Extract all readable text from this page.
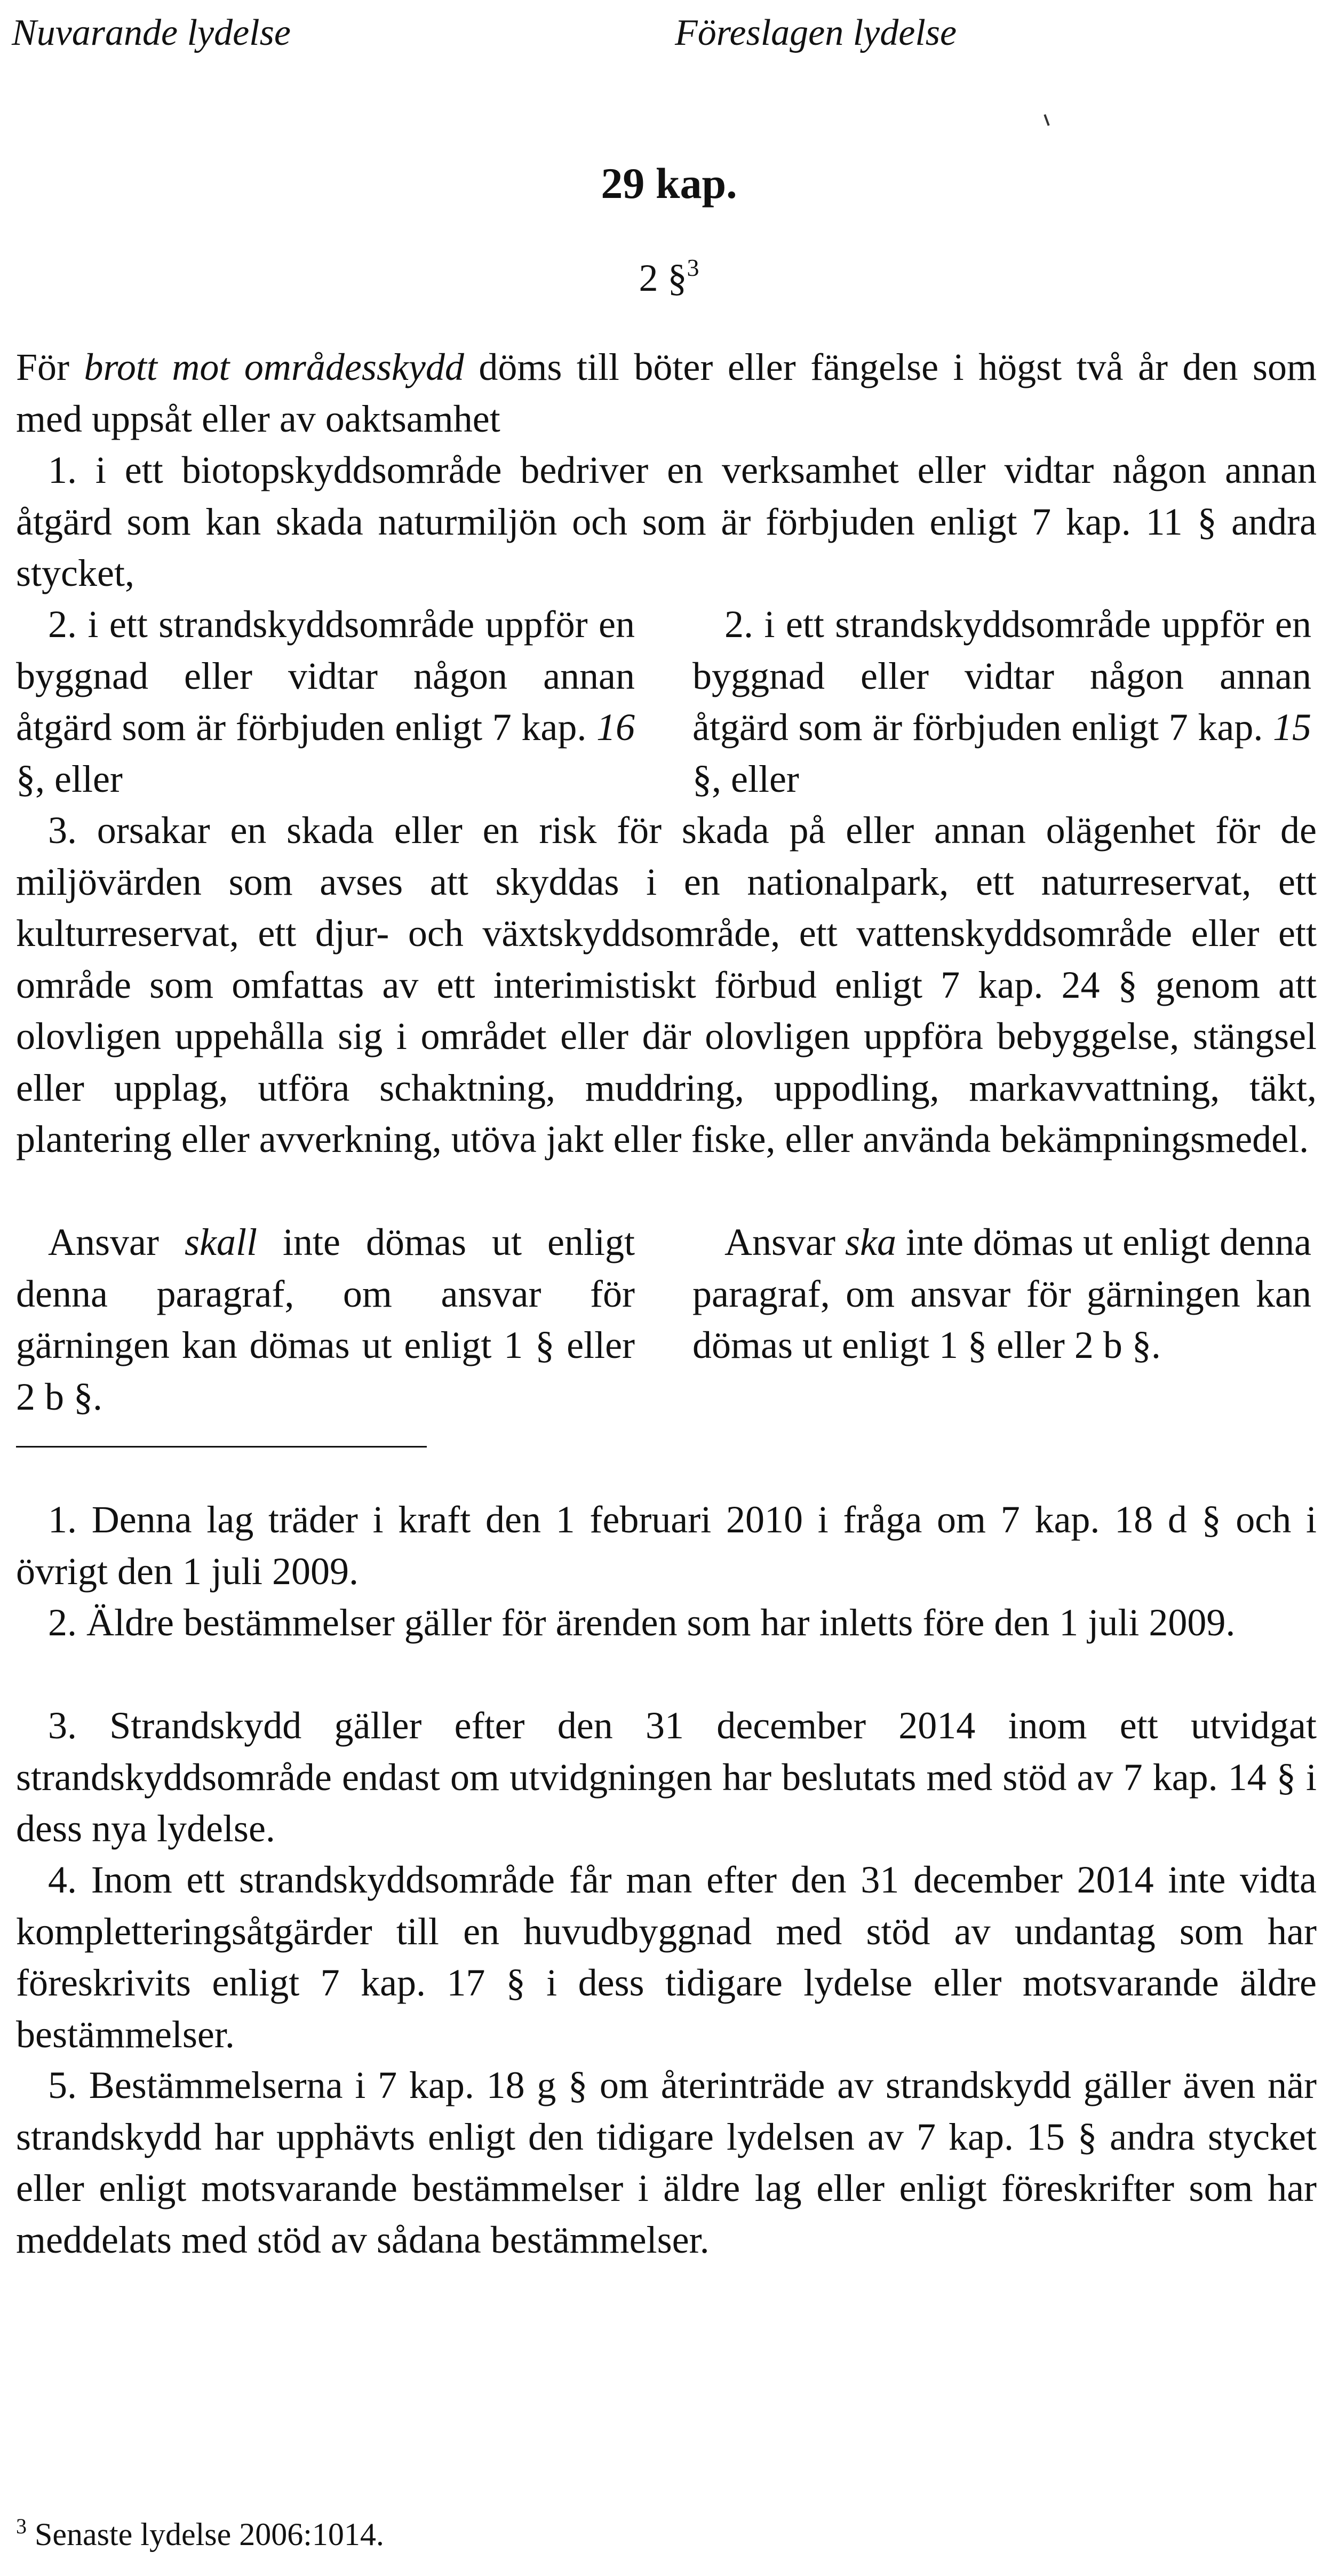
Nuvarande lydelse	Föreslagen lydelse
29 kap.
2 §$^3$

För brott mot områdesskydd döms till böter eller fängelse i högst två år den som med uppsåt eller av oaktsamhet

1. i ett biotopskyddsområde bedriver en verksamhet eller vidtar någon annan åtgärd som kan skada naturmiljön och som är förbjuden enligt 7 kap. 11 § andra stycket,

2. i ett strandskyddsområde uppför en byggnad eller vidtar någon annan åtgärd som är förbjuden enligt 7 kap. 16 §, eller

2. i ett strandskyddsområde uppför en byggnad eller vidtar någon annan åtgärd som är förbjuden enligt 7 kap. 15 §, eller

3. orsakar en skada eller en risk för skada på eller annan olägenhet för de miljövärden som avses att skyddas i en nationalpark, ett naturreservat, ett kulturreservat, ett djur- och växtskyddsområde, ett vattenskyddsområde eller ett område som omfattas av ett interimistiskt förbud enligt 7 kap. 24 § genom att olovligen uppehålla sig i området eller där olovligen uppföra bebyggelse, stängsel eller upplag, utföra schaktning, muddring, uppodling, markavvattning, täkt, plantering eller avverkning, utöva jakt eller fiske, eller använda bekämpningsmedel.

Ansvar skall inte dömas ut enligt denna paragraf, om ansvar för gärningen kan dömas ut enligt 1 § eller 2 b §.

Ansvar ska inte dömas ut enligt denna paragraf, om ansvar för gärningen kan dömas ut enligt 1 § eller 2 b §.

1. Denna lag träder i kraft den 1 februari 2010 i fråga om 7 kap. 18 d § och i övrigt den 1 juli 2009.

2. Äldre bestämmelser gäller för ärenden som har inletts före den 1 juli 2009.

3. Strandskydd gäller efter den 31 december 2014 inom ett utvidgat strandskyddsområde endast om utvidgningen har beslutats med stöd av 7 kap. 14 § i dess nya lydelse.

4. Inom ett strandskyddsområde får man efter den 31 december 2014 inte vidta kompletteringsåtgärder till en huvudbyggnad med stöd av undantag som har föreskrivits enligt 7 kap. 17 § i dess tidigare lydelse eller motsvarande äldre bestämmelser.

5. Bestämmelserna i 7 kap. 18 g § om återinträde av strandskydd gäller även när strandskydd har upphävts enligt den tidigare lydelsen av 7 kap. 15 § andra stycket eller enligt motsvarande bestämmelser i äldre lag eller enligt föreskrifter som har meddelats med stöd av sådana bestämmelser.

$^3$ Senaste lydelse 2006:1014.
